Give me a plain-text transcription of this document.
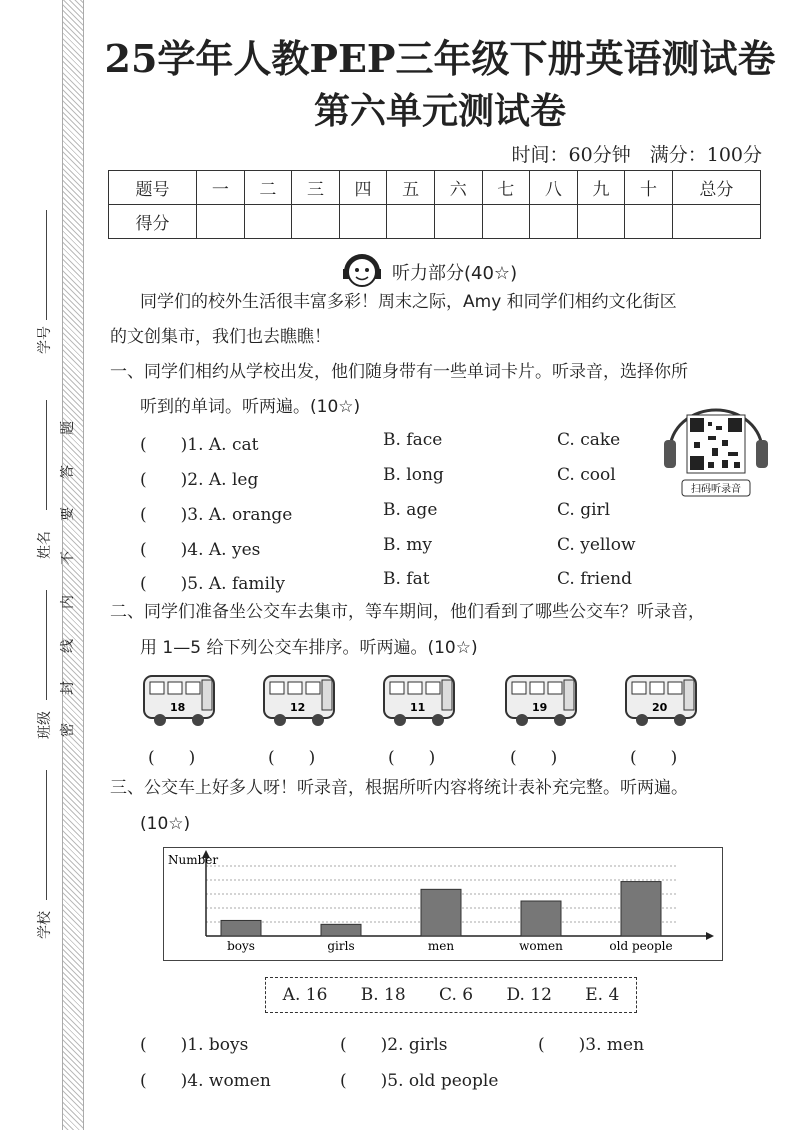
学号
姓名
班级
学校
密
封
线
内
不
要
答
题
25学年人教PEP三年级下册英语测试卷
第六单元测试卷
时间：60分钟　满分：100分
题号	一	二	三	四	五	六	七	八	九	十	总分
得分											
听力部分(40☆)
同学们的校外生活很丰富多彩！周末之际，Amy 和同学们相约文化街区
的文创集市，我们也去瞧瞧！
一、同学们相约从学校出发，他们随身带有一些单词卡片。听录音，选择你所
听到的单词。听两遍。(10☆)
(　　)1. A. cat	B. face	C. cake
(　　)2. A. leg	B. long	C. cool
(　　)3. A. orange	B. age	C. girl
(　　)4. A. yes	B. my	C. yellow
(　　)5. A. family	B. fat	C. friend
扫码听录音
二、同学们准备坐公交车去集市，等车期间，他们看到了哪些公交车？听录音，
用 1—5 给下列公交车排序。听两遍。(10☆)
18
(　　)
12
(　　)
11
(　　)
19
(　　)
20
(　　)
三、公交车上好多人呀！听录音，根据所听内容将统计表补充完整。听两遍。
(10☆)
Number
boys	girls	men	women	old people
A. 16 B. 18 C. 6 D. 12 E. 4
(　　)1. boys	(　　)2. girls	(　　)3. men
(　　)4. women	(　　)5. old people
